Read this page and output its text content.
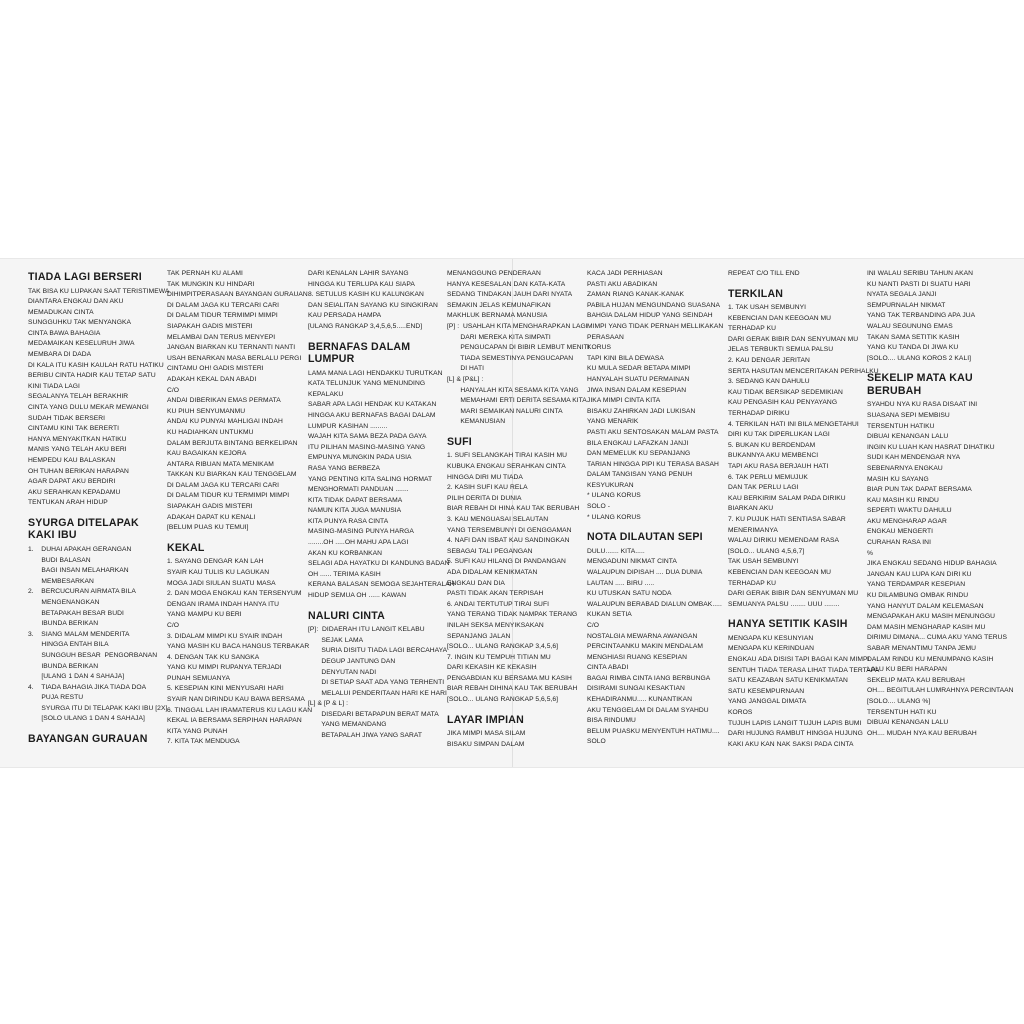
TIADA LAGI BERSERI
TAK BISA KU LUPAKAN SAAT TERISTIMEWA
DIANTARA ENGKAU DAN AKU
MEMADUKAN CINTA
SUNGGUHKU TAK MENYANGKA
CINTA BAWA BAHAGIA
MEDAMAIKAN KESELURUH JIWA
MEMBARA DI DADA
DI KALA ITU KASIH KAULAH RATU HATIKU
BERIBU CINTA HADIR KAU TETAP SATU
KINI TIADA LAGI
SEGALANYA TELAH BERAKHIR
CINTA YANG DULU MEKAR MEWANGI
SUDAH TIDAK BERSERI
CINTAMU KINI TAK BERERTI
HANYA MENYAKITKAN HATIKU
MANIS YANG TELAH AKU BERI
HEMPEDU KAU BALASKAN
OH TUHAN BERIKAN HARAPAN
AGAR DAPAT AKU BERDIRI
AKU SERAHKAN KEPADAMU
TENTUKAN ARAH HIDUP
SYURGA DITELAPAK
KAKI IBU
1.    DUHAI APAKAH GERANGAN
BUDI BALASAN
BAGI INSAN MELAHARKAN
MEMBESARKAN
2.    BERCUCURAN AIRMATA BILA
MENGENANGKAN
BETAPAKAH BESAR BUDI
IBUNDA BERIKAN
3.    SIANG MALAM MENDERITA
HINGGA ENTAH BILA
SUNGGUH BESAR  PENGORBANAN
IBUNDA BERIKAN
[ULANG 1 DAN 4 SAHAJA]
4.    TIADA BAHAGIA JIKA TIADA DOA
PUJA RESTU
SYURGA ITU DI TELAPAK KAKI IBU [2X]
[SOLO ULANG 1 DAN 4 SAHAJA]
BAYANGAN GURAUAN
TAK PERNAH KU ALAMI
TAK MUNGKIN KU HINDARI
DIHIMPITPERASAAN BAYANGAN GURAUAN
DI DALAM JAGA KU TERCARI CARI
DI DALAM TIDUR TERMIMPI MIMPI
SIAPAKAH GADIS MISTERI
MELAMBAI DAN TERUS MENYEPI
JANGAN BIARKAN KU TERNANTI NANTI
USAH BENARKAN MASA BERLALU PERGI
CINTAMU OH! GADIS MISTERI
ADAKAH KEKAL DAN ABADI
C/O
ANDAI DIBERIKAN EMAS PERMATA
KU PIUH SENYUMANMU
ANDAI KU PUNYAI MAHLIGAI INDAH
KU HADIAHKAN UNTUKMU
DALAM BERJUTA BINTANG BERKELIPAN
KAU BAGAIKAN KEJORA
ANTARA RIBUAN MATA MENIKAM
TAKKAN KU BIARKAN KAU TENGGELAM
DI DALAM JAGA KU TERCARI CARI
DI DALAM TIDUR KU TERMIMPI MIMPI
SIAPAKAH GADIS MISTERI
ADAKAH DAPAT KU KENALI
[BELUM PUAS KU TEMUI]
KEKAL
1. SAYANG DENGAR KAN LAH
SYAIR KAU TULIS KU LAGUKAN
MOGA JADI SIULAN SUATU MASA
2. DAN MOGA ENGKAU KAN TERSENYUM
DENGAN IRAMA INDAH HANYA ITU
YANG MAMPU KU BERI
C/O
3. DIDALAM MIMPI KU SYAIR INDAH
YANG MASIH KU BACA HANGUS TERBAKAR
4. DENGAN TAK KU SANGKA
YANG KU MIMPI RUPANYA TERJADI
PUNAH SEMUANYA
5. KESEPIAN KINI MENYUSARI HARI
SYAIR NAN DIRINDU KAU BAWA BERSAMA
6. TINGGAL LAH IRAMATERUS KU LAGU KAN
KEKAL IA BERSAMA SERPIHAN HARAPAN
KITA YANG PUNAH
7. KITA TAK MENDUGA
DARI KENALAN LAHIR SAYANG
HINGGA KU TERLUPA KAU SIAPA
8. SETULUS KASIH KU KALUNGKAN
DAN SEIALITAN SAYANG KU SINGKIRAN
KAU PERSADA HAMPA
[ULANG RANGKAP 3,4,5,6,5.....END]
BERNAFAS DALAM
LUMPUR
LAMA MANA LAGI HENDAKKU TURUTKAN
KATA TELUNJUK YANG MENUNDING
KEPALAKU
SABAR APA LAGI HENDAK KU KATAKAN
HINGGA AKU BERNAFAS BAGAI DALAM
LUMPUR KASIHAN .........
WAJAH KITA SAMA BEZA PADA GAYA
ITU PILIHAN MASING-MASING YANG
EMPUNYA MUNGKIN PADA USIA
RASA YANG BERBEZA
YANG PENTING KITA SALING HORMAT
MENGHORMATI PANDUAN .......
KITA TIDAK DAPAT BERSAMA
NAMUN KITA JUGA MANUSIA
KITA PUNYA RASA CINTA
MASING-MASING PUNYA HARGA
........OH .....OH MAHU APA LAGI
AKAN KU KORBANKAN
SELAGI ADA HAYATKU DI KANDUNG BADAN
OH ...... TERIMA KASIH
KERANA BALASAN SEMOGA SEJAHTERALAH
HIDUP SEMUA OH ...... KAWAN
NALURI CINTA
[P]:  DIDAERAH ITU LANGIT KELABU
SEJAK LAMA
SURIA DISITU TIADA LAGI BERCAHAYA
DEGUP JANTUNG DAN
DENYUTAN NADI
DI SETIAP SAAT ADA YANG TERHENTI
MELALUI PENDERITAAN HARI KE HARI
[L] & [P & L] :
DISEDARI BETAPAPUN BERAT MATA
YANG MEMANDANG
BETAPALAH JIWA YANG SARAT
MENANGGUNG PENDERAAN
HANYA KESESALAN DAN KATA-KATA
SEDANG TINDAKAN JAUH DARI NYATA
SEMAKIN JELAS KEMUNAFIKAN
MAKHLUK BERNAMA MANUSIA
[P] :  USAHLAH KITA MENGHARAPKAN LAGI
DARI MEREKA KITA SIMPATI
PENGUCAPAN DI BIBIR LEMBUT MENITI
TIADA SEMESTINYA PENGUCAPAN
DI HATI
[L] & [P&L] :
HANYALAH KITA SESAMA KITA YANG
MEMAHAMI ERTI DERITA SESAMA KITA
MARI SEMAIKAN NALURI CINTA
KEMANUSIAN
SUFI
1. SUFI SELANGKAH TIRAI KASIH MU
KUBUKA ENGKAU SERAHKAN CINTA
HINGGA DIRI MU TIADA
2. KASIH SUFI KAU RELA
PILIH DERITA DI DUNIA
BIAR REBAH DI HINA KAU TAK BERUBAH
3. KAU MENGUASAI SELAUTAN
YANG TERSEMBUNYI DI GENGGAMAN
4. NAFI DAN ISBAT KAU SANDINGKAN
SEBAGAI TALI PEGANGAN
5. SUFI KAU HILANG DI PANDANGAN
ADA DIDALAM KENIKMATAN
ENGKAU DAN DIA
PASTI TIDAK AKAN TERPISAH
6. ANDAI TERTUTUP TIRAI SUFI
YANG TERANG TIDAK NAMPAK TERANG
INILAH SEKSA MENYIKSAKAN
SEPANJANG JALAN
[SOLO... ULANG RANGKAP 3,4,5,6]
7. INGIN KU TEMPUH TITIAN MU
DARI KEKASIH KE KEKASIH
PENGABDIAN KU BERSAMA MU KASIH
BIAR REBAH DIHINA KAU TAK BERUBAH
[SOLO... ULANG RANGKAP 5,6,5,6]
LAYAR IMPIAN
JIKA MIMPI MASA SILAM
BISAKU SIMPAN DALAM
KACA JADI PERHIASAN
PASTI AKU ABADIKAN
ZAMAN RIANG KANAK-KANAK
PABILA HUJAN MENGUNDANG SUASANA
BAHGIA DALAM HIDUP YANG SEINDAH
MIMPI YANG TIDAK PERNAH MELLIKAKAN
PERASAAN
KORUS
TAPI KINI BILA DEWASA
KU MULA SEDAR BETAPA MIMPI
HANYALAH SUATU PERMAINAN
JIWA INSAN DALAM KESEPIAN
JIKA MIMPI CINTA KITA
BISAKU ZAHIRKAN JADI LUKISAN
YANG MENARIK
PASTI AKU SENTOSAKAN MALAM PASTA
BILA ENGKAU LAFAZKAN JANJI
DAN MEMELUK KU SEPANJANG
TARIAN HINGGA PIPI KU TERASA BASAH
DALAM TANGISAN YANG PENUH
KESYUKURAN
* ULANG KORUS
SOLO -
* ULANG KORUS
NOTA DILAUTAN SEPI
DULU....... KITA.....
MENGADUNI NIKMAT CINTA
WALAUPUN DIPISAH .... DUA DUNIA
LAUTAN ..... BIRU .....
KU UTUSKAN SATU NODA
WALAUPUN BERABAD DIALUN OMBAK.....
KUKAN SETIA
C/O
NOSTALGIA MEWARNA AWANGAN
PERCINTAANKU MAKIN MENDALAM
MENGHIASI RUANG KESEPIAN
CINTA ABADI
BAGAI RIMBA CINTA IANG BERBUNGA
DISIRAMI SUNGAI KESAKTIAN
KEHADIRANMU..... KUNANTIKAN
AKU TENGGELAM DI DALAM SYAHDU
BISA RINDUMU
BELUM PUASKU MENYENTUH HATIMU....
SOLO
REPEAT C/O TILL END
TERKILAN
1. TAK USAH SEMBUNYI
KEBENCIAN DAN KEEGOAN MU
TERHADAP KU
DARI GERAK BIBIR DAN SENYUMAN MU
JELAS TERBUKTI SEMUA PALSU
2. KAU DENGAR JERITAN
SERTA HASUTAN MENCERITAKAN PERIHALKU
3. SEDANG KAN DAHULU
KAU TIDAK BERSIKAP SEDEMIKIAN
KAU PENGASIH KAU PENYAYANG
TERHADAP DIRIKU
4. TERKILAN HATI INI BILA MENGETAHUI
DIRI KU TAK DIPERLUKAN LAGI
5. BUKAN KU BERDENDAM
BUKANNYA AKU MEMBENCI
TAPI AKU RASA BERJAUH HATI
6. TAK PERLU MEMUJUK
DAN TAK PERLU LAGI
KAU BERKIRIM SALAM PADA DIRIKU
BIARKAN AKU
7. KU PUJUK HATI SENTIASA SABAR
MENERIMANYA
WALAU DIRIKU MEMENDAM RASA
[SOLO... ULANG 4,5,6,7]
TAK USAH SEMBUNYI
KEBENCIAN DAN KEEGOAN MU
TERHADAP KU
DARI GERAK BIBIR DAN SENYUMAN MU
SEMUANYA PALSU ........ UUU ........
HANYA SETITIK KASIH
MENGAPA KU KESUNYIAN
MENGAPA KU KERINDUAN
ENGKAU ADA DISISI TAPI BAGAI KAN MIMPI
SENTUH TIADA TERASA LIHAT TIADA TERTAPA
SATU KEAZABAN SATU KENIKMATAN
SATU KESEMPURNAAN
YANG JANGGAL DIMATA
KOROS
TUJUH LAPIS LANGIT TUJUH LAPIS BUMI
DARI HUJUNG RAMBUT HINGGA HUJUNG
KAKI AKU KAN NAK SAKSI PADA CINTA
INI WALAU SERIBU TAHUN AKAN
KU NANTI PASTI DI SUATU HARI
NYATA SEGALA JANJI
SEMPURNALAH NIKMAT
YANG TAK TERBANDING APA JUA
WALAU SEGUNUNG EMAS
TAKAN SAMA SETITIK KASIH
YANG KU TANDA DI JIWA KU
[SOLO.... ULANG KOROS 2 KALI]
SEKELIP MATA KAU
BERUBAH
SYAHDU NYA KU RASA DISAAT INI
SUASANA SEPI MEMBISU
TERSENTUH HATIKU
DIBUAI KENANGAN LALU
INGIN KU LUAH KAN HASRAT DIHATIKU
SUDI KAH MENDENGAR NYA
SEBENARNYA ENGKAU
MASIH KU SAYANG
BIAR PUN TAK DAPAT BERSAMA
KAU MASIH KU RINDU
SEPERTI WAKTU DAHULU
AKU MENGHARAP AGAR
ENGKAU MENGERTI
CURAHAN RASA INI
%
JIKA ENGKAU SEDANG HIDUP BAHAGIA
JANGAN KAU LUPA KAN DIRI KU
YANG TERDAMPAR KESEPIAN
KU DILAMBUNG OMBAK RINDU
YANG HANYUT DALAM KELEMASAN
MENGAPAKAH AKU MASIH MENUNGGU
DAM MASIH MENGHARAP KASIH MU
DIRIMU DIMANA... CUMA AKU YANG TERUS
SABAR MENANTIMU TANPA JEMU
DALAM RINDU KU MENUMPANG KASIH
LALU KU BERI HARAPAN
SEKELIP MATA KAU BERUBAH
OH.... BEGITULAH LUMRAHNYA PERCINTAAN
[SOLO.... ULANG %]
TERSENTUH HATI KU
DIBUAI KENANGAN LALU
OH.... MUDAH NYA KAU BERUBAH
